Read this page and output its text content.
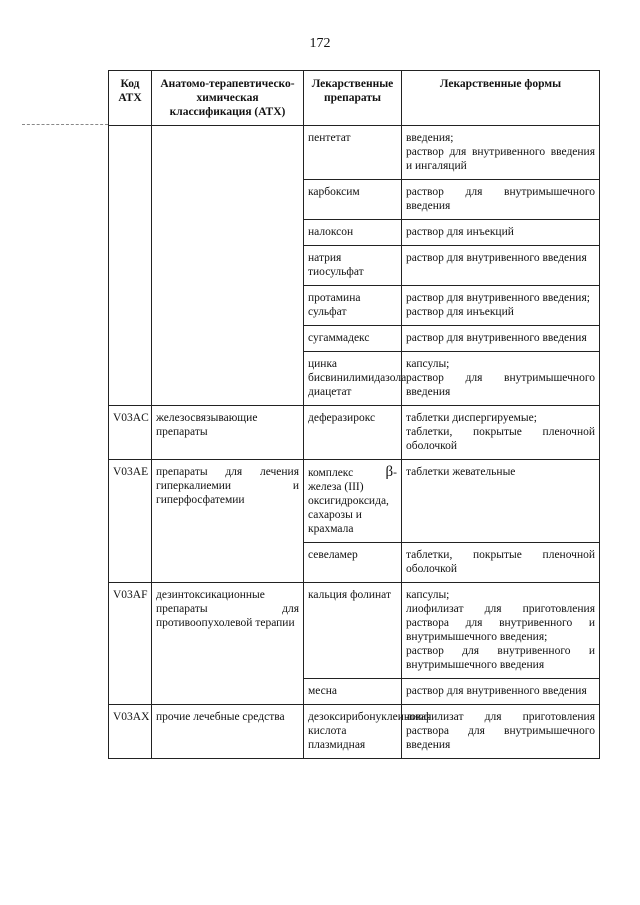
172
Код АТХ	Анатомо-терапевтическо-химическая классификация (АТХ)	Лекарственные препараты	Лекарственные формы
		пентетат	введения;
раствор для внутривенного введения и ингаляций

		карбоксим	раствор для внутримышечного введения
		налоксон	раствор для инъекций
		натрия тиосульфат	раствор для внутривенного введения
		протамина сульфат	раствор для внутривенного введения;
раствор для инъекций

		сугаммадекс	раствор для внутривенного введения
		цинка бисвинилимидазола диацетат	капсулы;
раствор для внутримышечного введения

V03AC	железосвязывающие препараты	деферазирокс	таблетки диспергируемые;
таблетки, покрытые пленочной оболочкой

V03AE	препараты для лечения гиперкалиемии и гиперфосфатемии	комплекс β-
железа (III) оксигидроксида, сахарозы и крахмала	таблетки жевательные
		севеламер	таблетки, покрытые пленочной оболочкой
V03AF	дезинтоксикационные препараты для противоопухолевой терапии	кальция фолинат	капсулы;
лиофилизат для приготовления раствора для внутривенного и внутримышечного введения;
раствор для внутривенного и внутримышечного введения

		месна	раствор для внутривенного введения
V03AX	прочие лечебные средства	дезоксирибонуклеиновая кислота плазмидная	лиофилизат для приготовления раствора для внутримышечного введения
